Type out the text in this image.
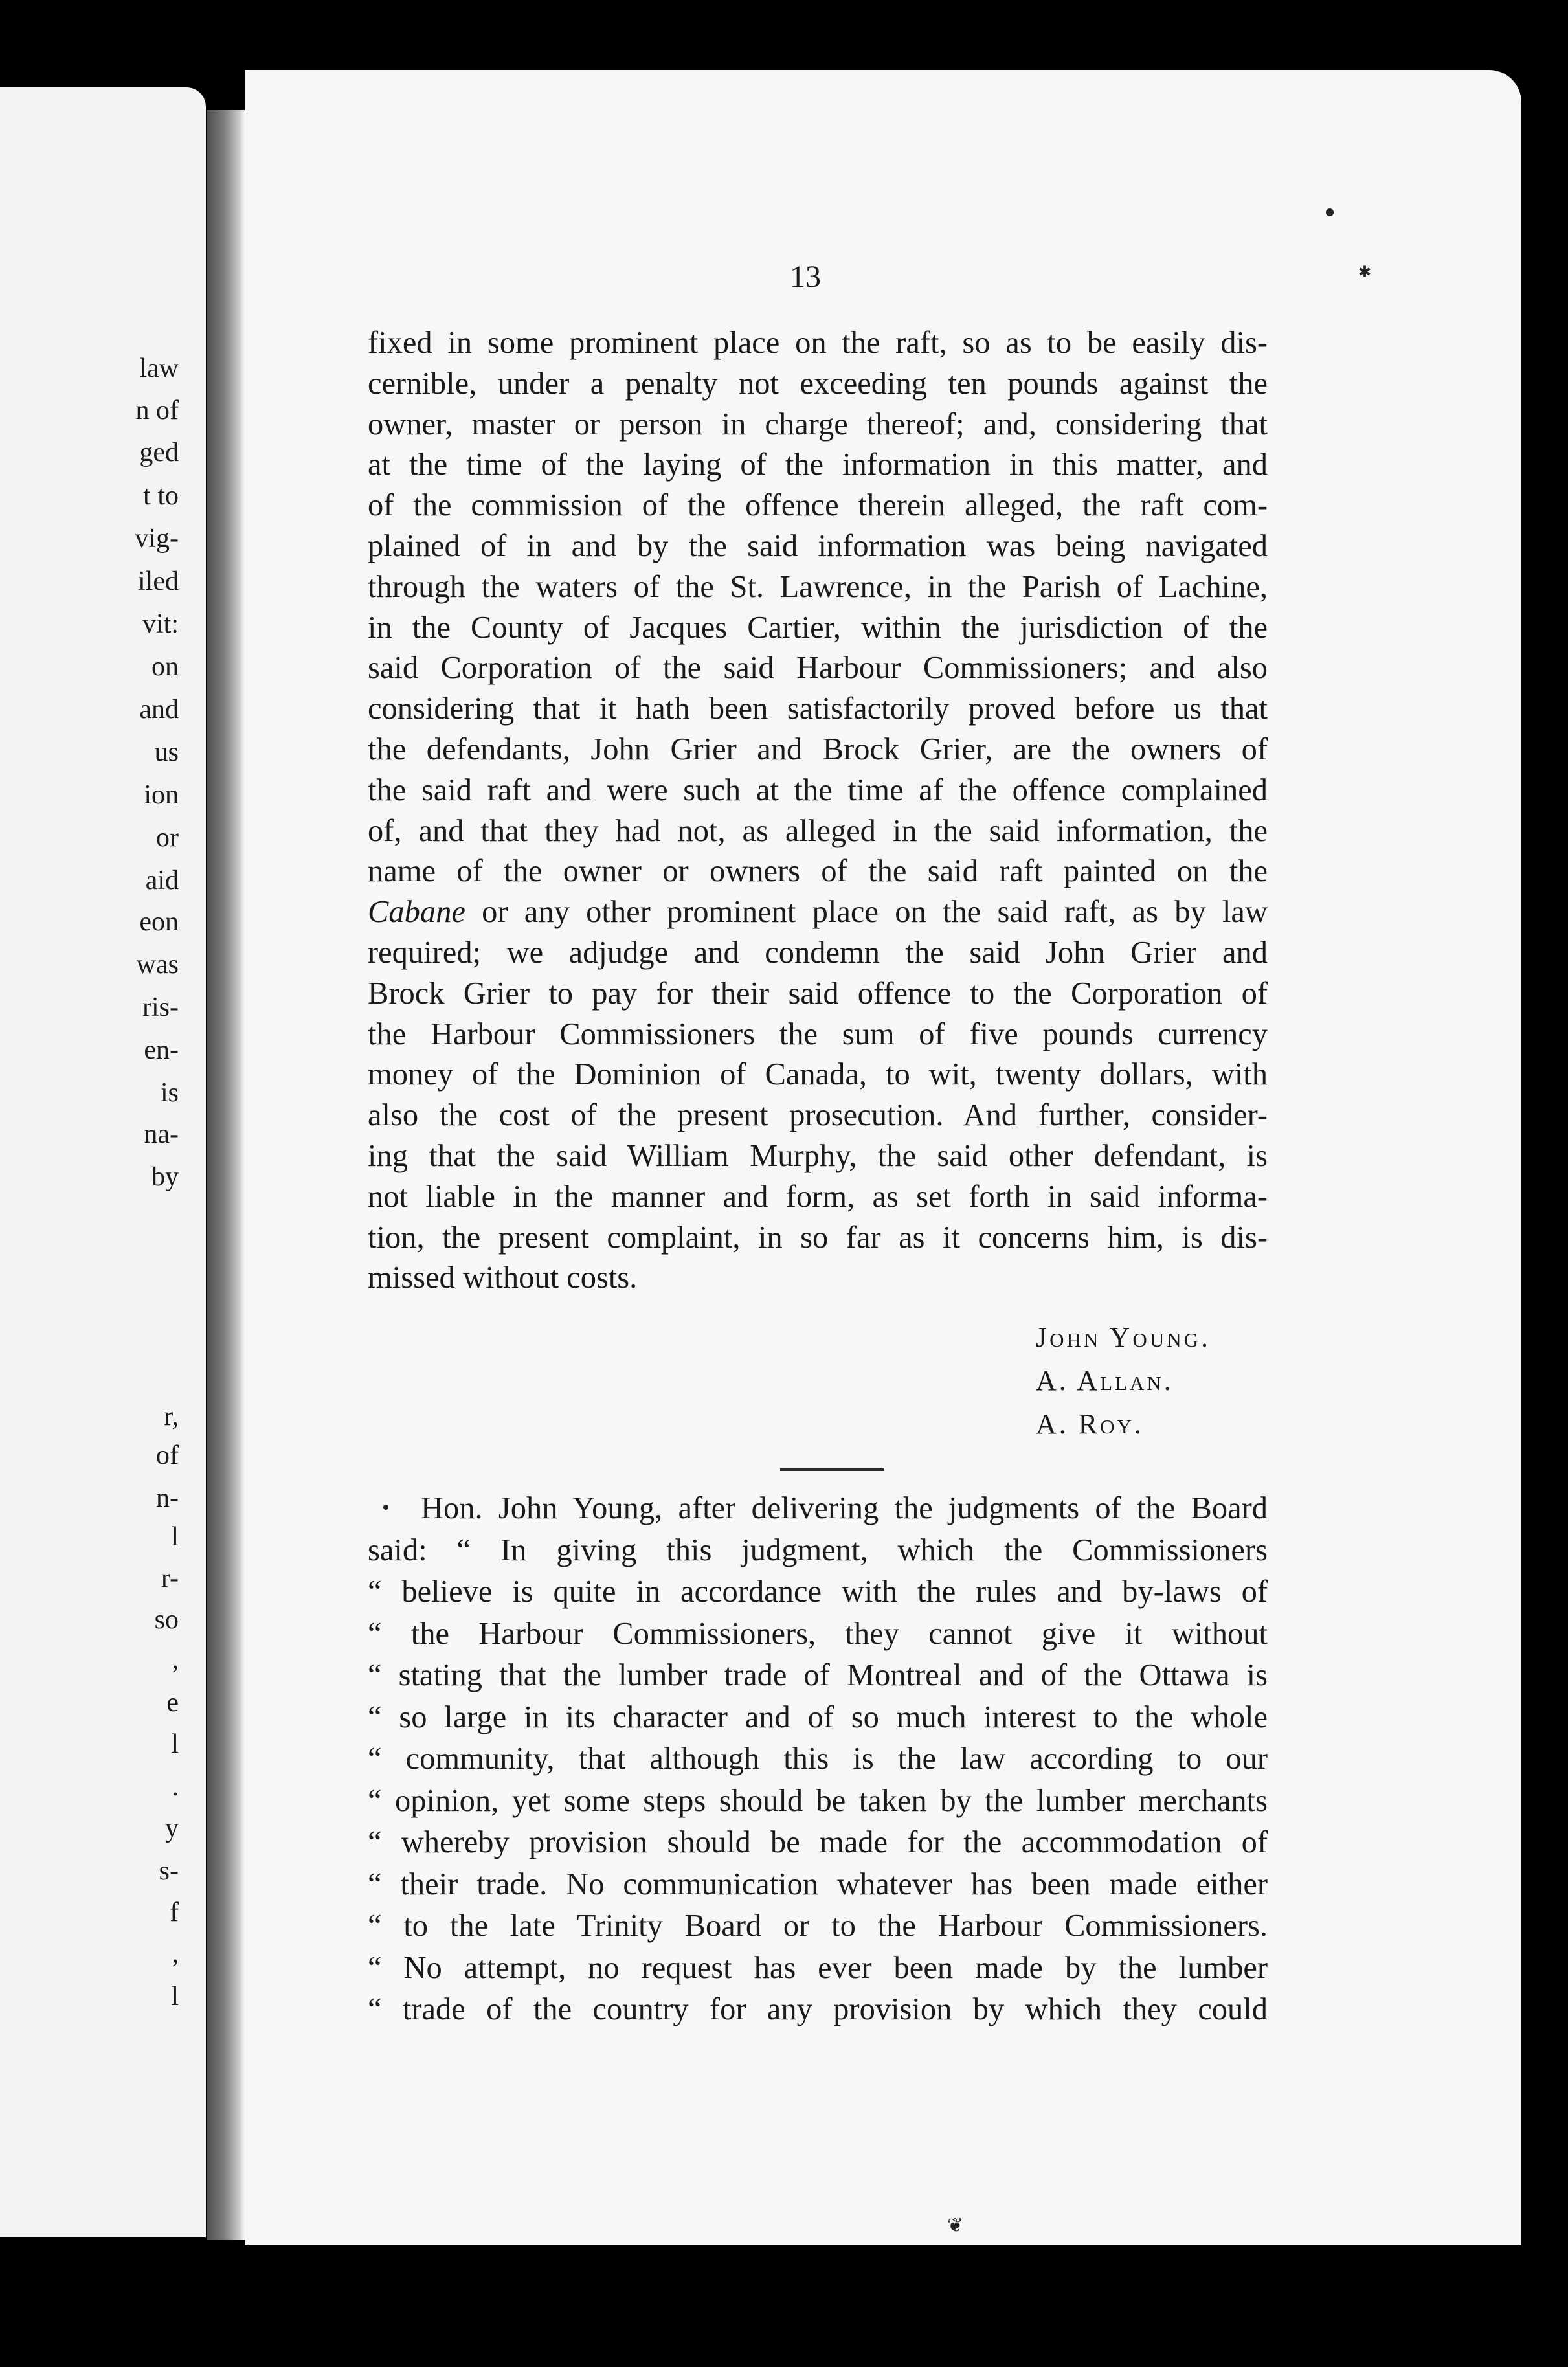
law
n of
ged
t to
vig-
iled
vit:
on
and
us
ion
or
aid
eon
was
ris-
en-
is
na-
by
r,
of
n-
l
r-
so
,
e
l
.
y
s-
f
,
l
13
fixed in some prominent place on the raft, so as to be easily dis-
cernible, under a penalty not exceeding ten pounds against the
owner, master or person in charge thereof; and, considering that
at the time of the laying of the information in this matter, and
of the commission of the offence therein alleged, the raft com-
plained of in and by the said information was being navigated
through the waters of the St. Lawrence, in the Parish of Lachine,
in the County of Jacques Cartier, within the jurisdiction of the
said Corporation of the said Harbour Commissioners; and also
considering that it hath been satisfactorily proved before us that
the defendants, John Grier and Brock Grier, are the owners of
the said raft and were such at the time af the offence complained
of, and that they had not, as alleged in the said information, the
name of the owner or owners of the said raft painted on the
Cabane or any other prominent place on the said raft, as by law
required; we adjudge and condemn the said John Grier and
Brock Grier to pay for their said offence to the Corporation of
the Harbour Commissioners the sum of five pounds currency
money of the Dominion of Canada, to wit, twenty dollars, with
also the cost of the present prosecution. And further, consider-
ing that the said William Murphy, the said other defendant, is
not liable in the manner and form, as set forth in said informa-
tion, the present complaint, in so far as it concerns him, is dis-
missed without costs.
John Young.
A. Allan.
A. Roy.
Hon. John Young, after delivering the judgments of the Board
said: “ In giving this judgment, which the Commissioners
“ believe is quite in accordance with the rules and by-laws of
“ the Harbour Commissioners, they cannot give it without
“ stating that the lumber trade of Montreal and of the Ottawa is
“ so large in its character and of so much interest to the whole
“ community, that although this is the law according to our
“ opinion, yet some steps should be taken by the lumber merchants
“ whereby provision should be made for the accommodation of
“ their trade. No communication whatever has been made either
“ to the late Trinity Board or to the Harbour Commissioners.
“ No attempt, no request has ever been made by the lumber
“ trade of the country for any provision by which they could
✱
❦
